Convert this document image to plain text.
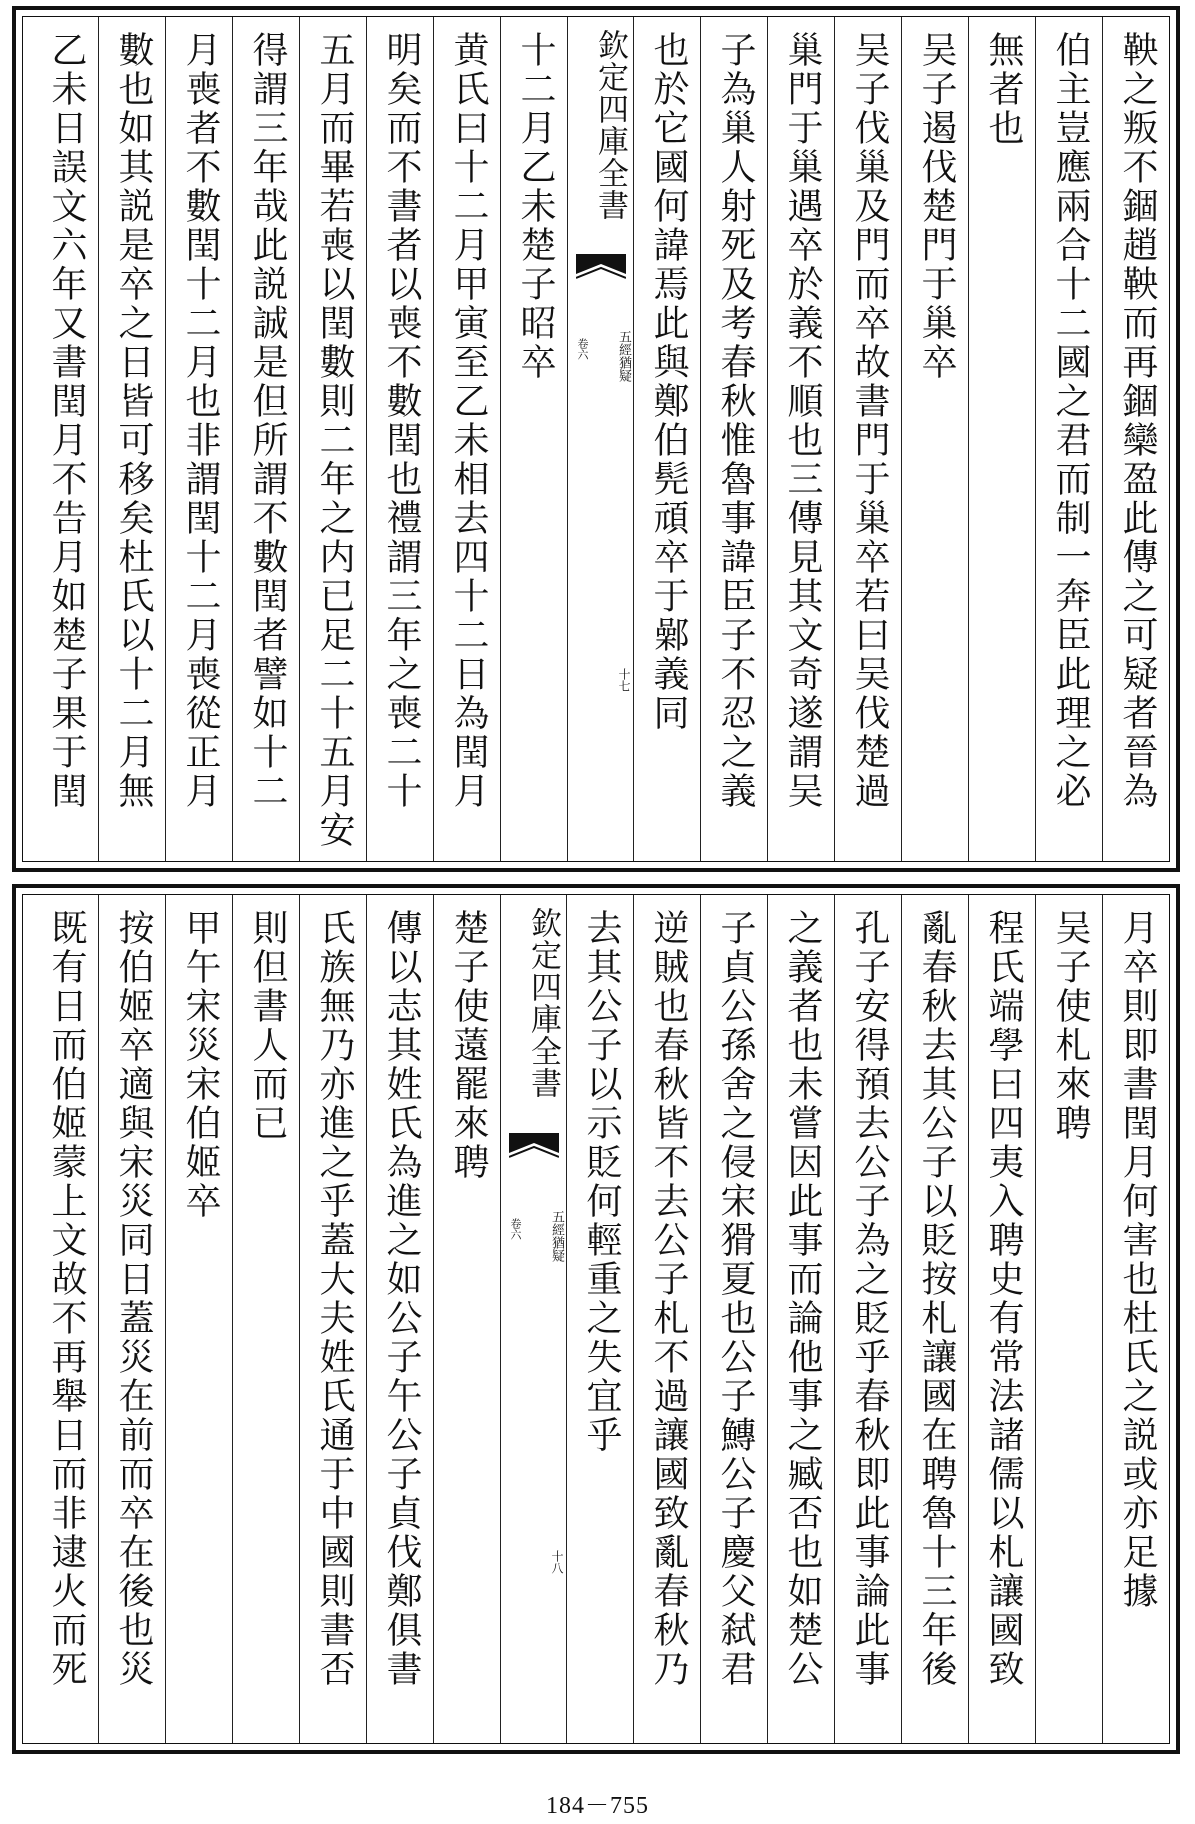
鞅之叛不錮趙鞅而再錮欒盈此傳之可疑者晉為
伯主豈應兩合十二國之君而制一奔臣此理之必
無者也
吴子遏伐楚門于巢卒
吴子伐巢及門而卒故書門于巢卒若曰吴伐楚過
巢門于巢遇卒於義不順也三傳見其文奇遂謂吴
子為巢人射死及考春秋惟魯事諱臣子不忍之義
也於它國何諱焉此與鄭伯髡頑卒于鄵義同
欽定四庫全書
五經猶疑
卷六
十七
十二月乙未楚子昭卒
黄氏曰十二月甲寅至乙未相去四十二日為閏月
明矣而不書者以喪不數閏也禮謂三年之喪二十
五月而畢若喪以閏數則二年之内已足二十五月安
得謂三年哉此説誠是但所謂不數閏者譬如十二
月喪者不數閏十二月也非謂閏十二月喪從正月
數也如其説是卒之日皆可移矣杜氏以十二月無
乙未日誤文六年又書閏月不告月如楚子果于閏
月卒則即書閏月何害也杜氏之説或亦足據
吴子使札來聘
程氏端學曰四夷入聘史有常法諸儒以札讓國致
亂春秋去其公子以貶按札讓國在聘魯十三年後
孔子安得預去公子為之貶乎春秋即此事論此事
之義者也未嘗因此事而論他事之臧否也如楚公
子貞公孫舍之侵宋猾夏也公子鱄公子慶父弑君
逆賊也春秋皆不去公子札不過讓國致亂春秋乃
去其公子以示貶何輕重之失宜乎
欽定四庫全書
五經猶疑
卷六
十八
楚子使薳罷來聘
傳以志其姓氏為進之如公子午公子貞伐鄭俱書
氏族無乃亦進之乎蓋大夫姓氏通于中國則書否
則但書人而已
甲午宋災宋伯姬卒
按伯姬卒適與宋災同日蓋災在前而卒在後也災
既有日而伯姬蒙上文故不再舉日而非逮火而死
184－755
